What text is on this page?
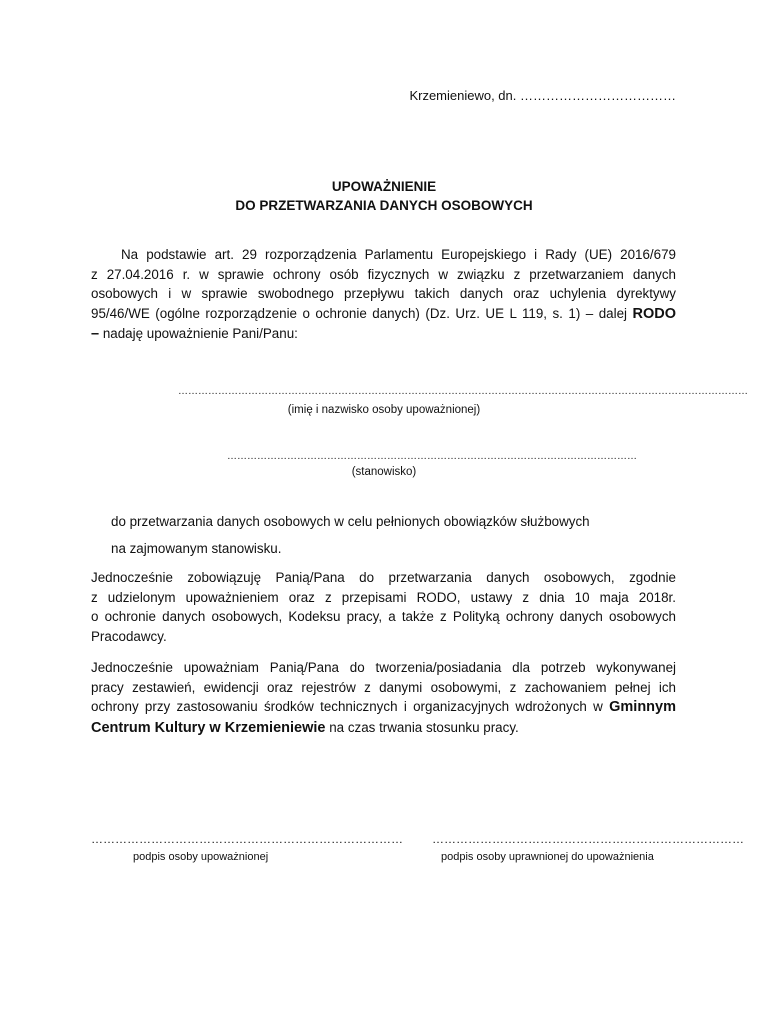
Krzemieniewo, dn. ………………………………
UPOWAŻNIENIE
DO PRZETWARZANIA DANYCH OSOBOWYCH
Na podstawie art. 29 rozporządzenia Parlamentu Europejskiego i Rady (UE) 2016/679
z 27.04.2016 r. w sprawie ochrony osób fizycznych w związku z przetwarzaniem danych
osobowych i w sprawie swobodnego przepływu takich danych oraz uchylenia dyrektywy
95/46/WE (ogólne rozporządzenie o ochronie danych) (Dz. Urz. UE L 119, s. 1) – dalej RODO
– nadaję upoważnienie Pani/Panu:
………………………………………………………………………………………………………………………………………………………
(imię i nazwisko osoby upoważnionej)
……………………………………………………………………………………………………………
(stanowisko)
do przetwarzania danych osobowych w celu pełnionych obowiązków służbowych
na zajmowanym stanowisku.
Jednocześnie zobowiązuję Panią/Pana do przetwarzania danych osobowych, zgodnie
z udzielonym upoważnieniem oraz z przepisami RODO, ustawy z dnia 10 maja 2018r.
o ochronie danych osobowych, Kodeksu pracy, a także z Polityką ochrony danych osobowych
Pracodawcy.
Jednocześnie upoważniam Panią/Pana do tworzenia/posiadania dla potrzeb wykonywanej
pracy zestawień, ewidencji oraz rejestrów z danymi osobowymi, z zachowaniem pełnej ich
ochrony przy zastosowaniu środków technicznych i organizacyjnych wdrożonych w Gminnym
Centrum Kultury w Krzemieniewie na czas trwania stosunku pracy.
…………………………………………………………………… ……………………………………………………………………
podpis osoby upoważnionej	podpis osoby uprawnionej do upoważnienia
